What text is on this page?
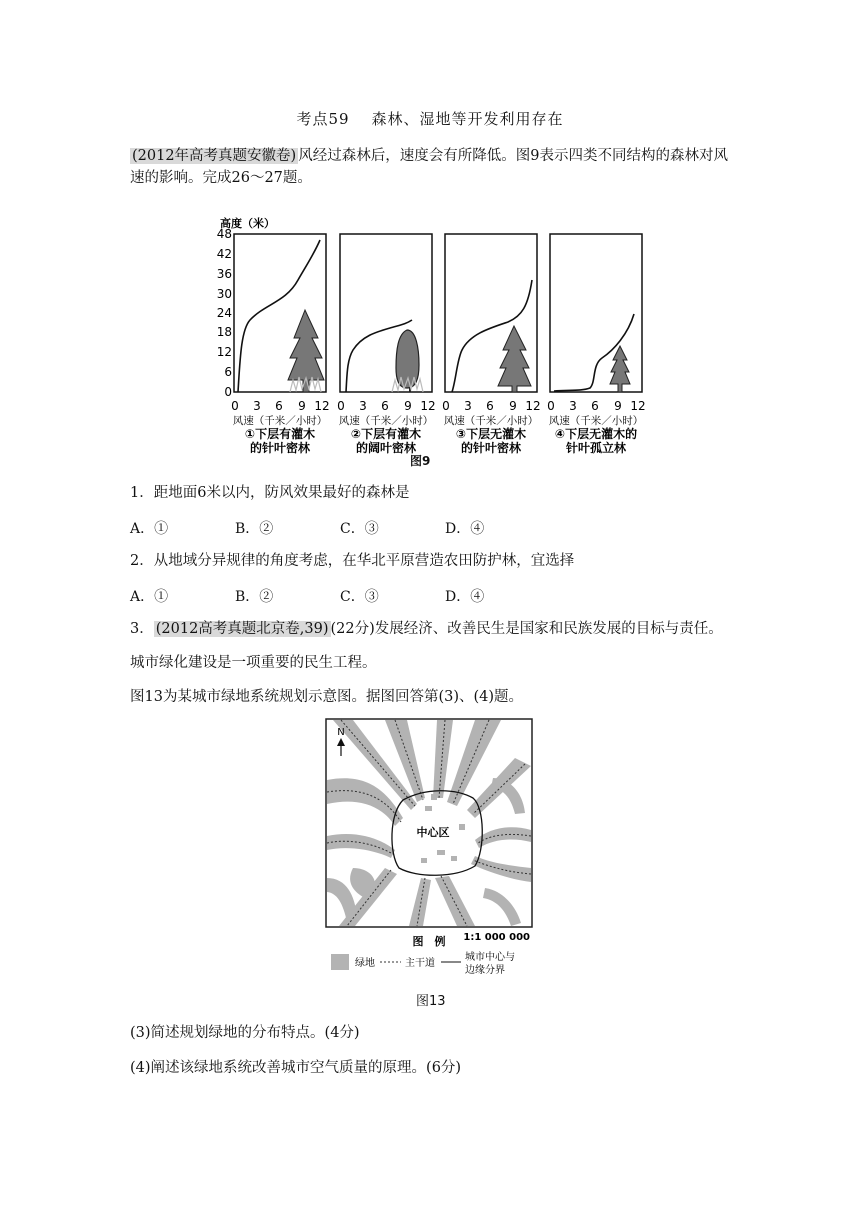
考点59 森林、湿地等开发利用存在
(2012年高考真题安徽卷) 风经过森林后，速度会有所降低。图9表示四类不同结构的森林对风速的影响。完成26～27题。
高度（米）
48
42
36
30
24
18
12
6
0
0 3 6 9 12
风速（千米／小时）
①下层有灌木
的针叶密林
0 3 6 9 12
风速（千米／小时）
②下层有灌木
的阔叶密林
0 3 6 9 12
风速（千米／小时）
③下层无灌木
的针叶密林
0 3 6 9 12
风速（千米／小时）
④下层无灌木的
针叶孤立林
图9
1．距地面6米以内，防风效果最好的森林是
A．①	B．②	C．③	D．④
2．从地域分异规律的角度考虑，在华北平原营造农田防护林，宜选择
A．①	B．②	C．③	D．④
3． (2012高考真题北京卷,39) (22分)发展经济、改善民生是国家和民族发展的目标与责任。
城市绿化建设是一项重要的民生工程。
图13为某城市绿地系统规划示意图。据图回答第(3)、(4)题。
中心区
N
1:1 000 000
图　例
绿地	主干道
城市中心与
边缘分界
图13
(3)简述规划绿地的分布特点。(4分)
(4)阐述该绿地系统改善城市空气质量的原理。(6分)
